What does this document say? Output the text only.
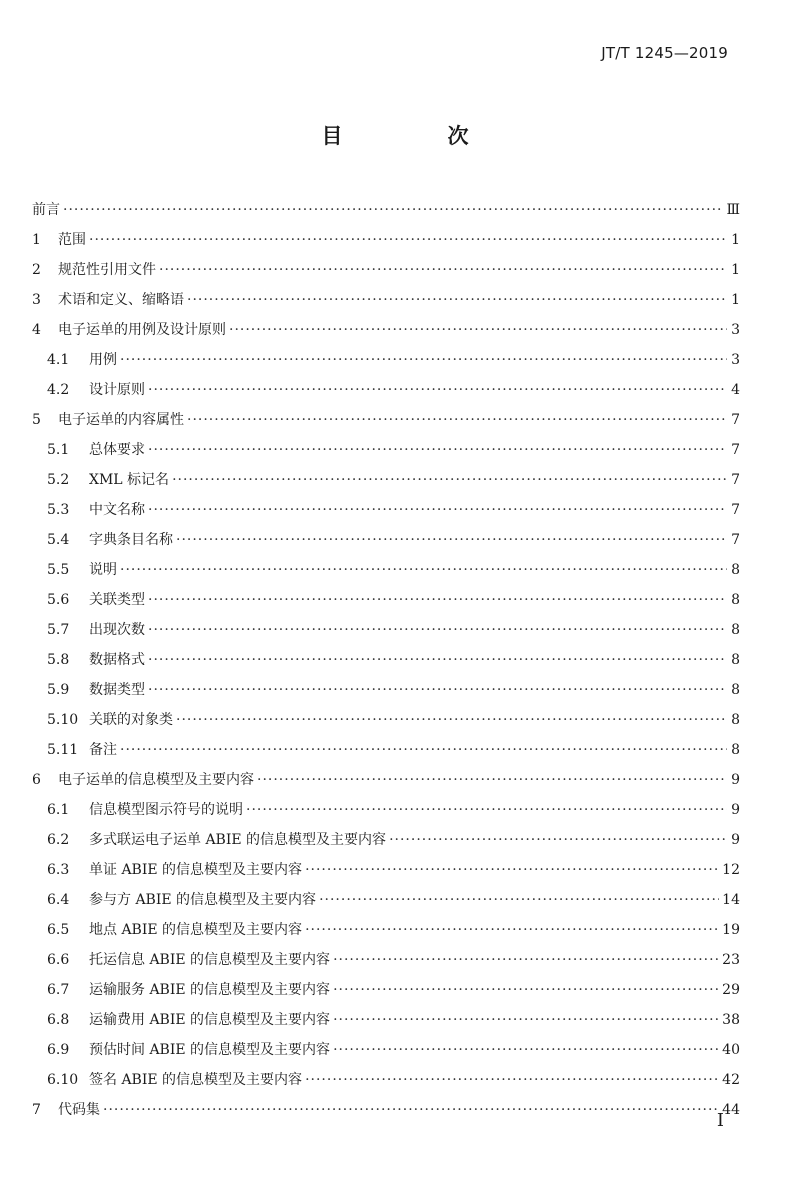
JT/T 1245—2019
目　次
前言 ·····	Ⅲ
1	范围 ·····	1
2	规范性引用文件 ·····	1
3	术语和定义、缩略语 ·····	1
4	电子运单的用例及设计原则 ·····	3
4.1	用例 ·····	3
4.2	设计原则 ·····	4
5	电子运单的内容属性 ·····	7
5.1	总体要求 ·····	7
5.2	XML 标记名 ·····	7
5.3	中文名称 ·····	7
5.4	字典条目名称 ·····	7
5.5	说明 ·····	8
5.6	关联类型 ·····	8
5.7	出现次数 ·····	8
5.8	数据格式 ·····	8
5.9	数据类型 ·····	8
5.10 关联的对象类 ·····	8
5.11 备注 ·····	8
6	电子运单的信息模型及主要内容 ·····	9
6.1	信息模型图示符号的说明 ·····	9
6.2	多式联运电子运单 ABIE 的信息模型及主要内容 ·····	9
6.3	单证 ABIE 的信息模型及主要内容 ·····	12
6.4	参与方 ABIE 的信息模型及主要内容 ·····	14
6.5	地点 ABIE 的信息模型及主要内容 ·····	19
6.6	托运信息 ABIE 的信息模型及主要内容 ·····	23
6.7	运输服务 ABIE 的信息模型及主要内容 ·····	29
6.8	运输费用 ABIE 的信息模型及主要内容 ·····	38
6.9	预估时间 ABIE 的信息模型及主要内容 ·····	40
6.10 签名 ABIE 的信息模型及主要内容 ·····	42
7	代码集 ·····	44
I
